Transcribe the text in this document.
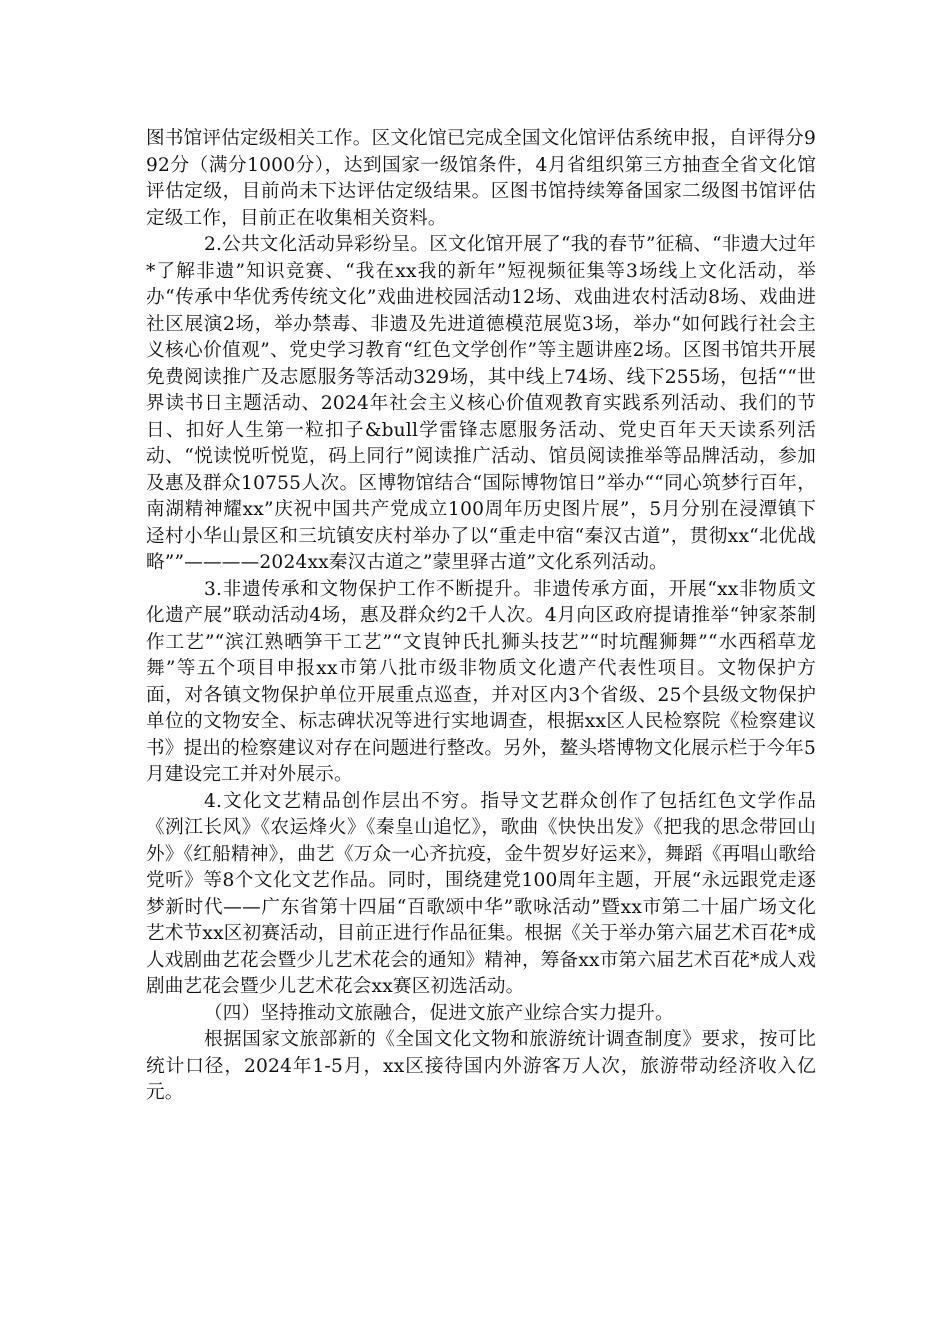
图书馆评估定级相关工作。区文化馆已完成全国文化馆评估系统申报，自评得分992分（满分1000分），达到国家一级馆条件，4月省组织第三方抽查全省文化馆评估定级，目前尚未下达评估定级结果。区图书馆持续筹备国家二级图书馆评估定级工作，目前正在收集相关资料。

2.公共文化活动异彩纷呈。区文化馆开展了“我的春节”征稿、“非遗大过年*了解非遗”知识竞赛、“我在xx我的新年”短视频征集等3场线上文化活动，举办“传承中华优秀传统文化”戏曲进校园活动12场、戏曲进农村活动8场、戏曲进社区展演2场，举办禁毒、非遗及先进道德模范展览3场，举办“如何践行社会主义核心价值观”、党史学习教育“红色文学创作”等主题讲座2场。区图书馆共开展免费阅读推广及志愿服务等活动329场，其中线上74场、线下255场，包括““世界读书日主题活动、2024年社会主义核心价值观教育实践系列活动、我们的节日、扣好人生第一粒扣子&bull学雷锋志愿服务活动、党史百年天天读系列活动、“悦读悦听悦览，码上同行”阅读推广活动、馆员阅读推举等品牌活动，参加及惠及群众10755人次。区博物馆结合“国际博物馆日”举办““同心筑梦行百年，南湖精神耀xx”庆祝中国共产党成立100周年历史图片展”，5月分别在浸潭镇下迳村小华山景区和三坑镇安庆村举办了以“重走中宿“秦汉古道”，贯彻xx“北优战略””————2024xx秦汉古道之”蒙里驿古道”文化系列活动。

3.非遗传承和文物保护工作不断提升。非遗传承方面，开展“xx非物质文化遗产展”联动活动4场，惠及群众约2千人次。4月向区政府提请推举“钟家茶制作工艺”“滨江熟晒笋干工艺”“文崀钟氏扎狮头技艺”“时坑醒狮舞”“水西稻草龙舞”等五个项目申报xx市第八批市级非物质文化遗产代表性项目。文物保护方面，对各镇文物保护单位开展重点巡查，并对区内3个省级、25个县级文物保护单位的文物安全、标志碑状况等进行实地调查，根据xx区人民检察院《检察建议书》提出的检察建议对存在问题进行整改。另外，鳌头塔博物文化展示栏于今年5月建设完工并对外展示。

4.文化文艺精品创作层出不穷。指导文艺群众创作了包括红色文学作品《洌江长风》《农运烽火》《秦皇山追忆》，歌曲《快快出发》《把我的思念带回山外》《红船精神》，曲艺《万众一心齐抗疫，金牛贺岁好运来》，舞蹈《再唱山歌给党听》等8个文化文艺作品。同时，围绕建党100周年主题，开展“永远跟党走逐梦新时代——广东省第十四届“百歌颂中华”歌咏活动”暨xx市第二十届广场文化艺术节xx区初赛活动，目前正进行作品征集。根据《关于举办第六届艺术百花*成人戏剧曲艺花会暨少儿艺术花会的通知》精神，筹备xx市第六届艺术百花*成人戏剧曲艺花会暨少儿艺术花会xx赛区初选活动。

（四）坚持推动文旅融合，促进文旅产业综合实力提升。

根据国家文旅部新的《全国文化文物和旅游统计调查制度》要求，按可比统计口径，2024年1-5月，xx区接待国内外游客万人次，旅游带动经济收入亿元。
